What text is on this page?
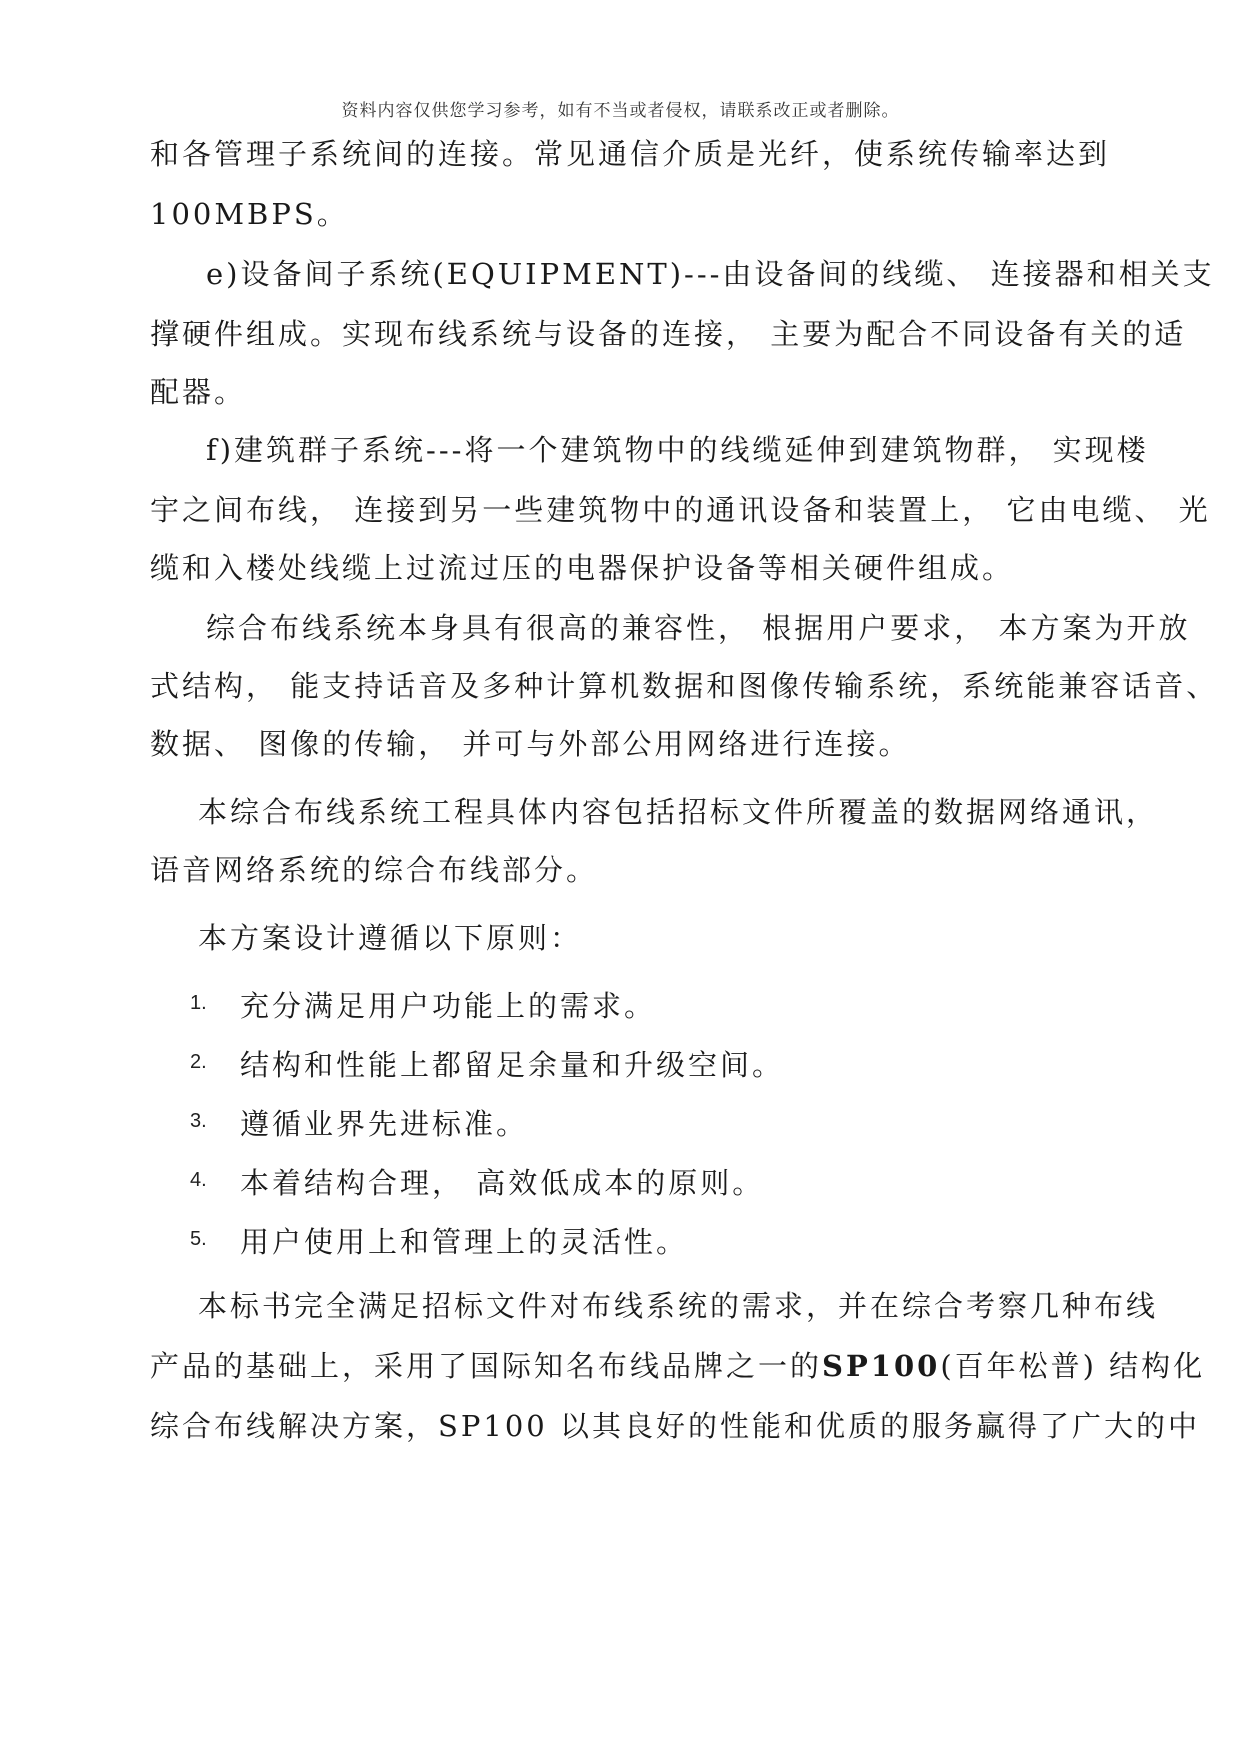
资料内容仅供您学习参考，如有不当或者侵权，请联系改正或者删除。
和各管理子系统间的连接。常见通信介质是光纤，使系统传输率达到
100MBPS。
e)设备间子系统(EQUIPMENT)---由设备间的线缆、 连接器和相关支
撑硬件组成。实现布线系统与设备的连接， 主要为配合不同设备有关的适
配器。
f)建筑群子系统---将一个建筑物中的线缆延伸到建筑物群， 实现楼
宇之间布线， 连接到另一些建筑物中的通讯设备和装置上， 它由电缆、 光
缆和入楼处线缆上过流过压的电器保护设备等相关硬件组成。
综合布线系统本身具有很高的兼容性， 根据用户要求， 本方案为开放
式结构， 能支持话音及多种计算机数据和图像传输系统，系统能兼容话音、
数据、 图像的传输， 并可与外部公用网络进行连接。
本综合布线系统工程具体内容包括招标文件所覆盖的数据网络通讯，
语音网络系统的综合布线部分。
本方案设计遵循以下原则：
1. 充分满足用户功能上的需求。
2. 结构和性能上都留足余量和升级空间。
3. 遵循业界先进标准。
4. 本着结构合理， 高效低成本的原则。
5. 用户使用上和管理上的灵活性。
本标书完全满足招标文件对布线系统的需求，并在综合考察几种布线
产品的基础上，采用了国际知名布线品牌之一的SP100(百年松普) 结构化
综合布线解决方案，SP100 以其良好的性能和优质的服务赢得了广大的中
